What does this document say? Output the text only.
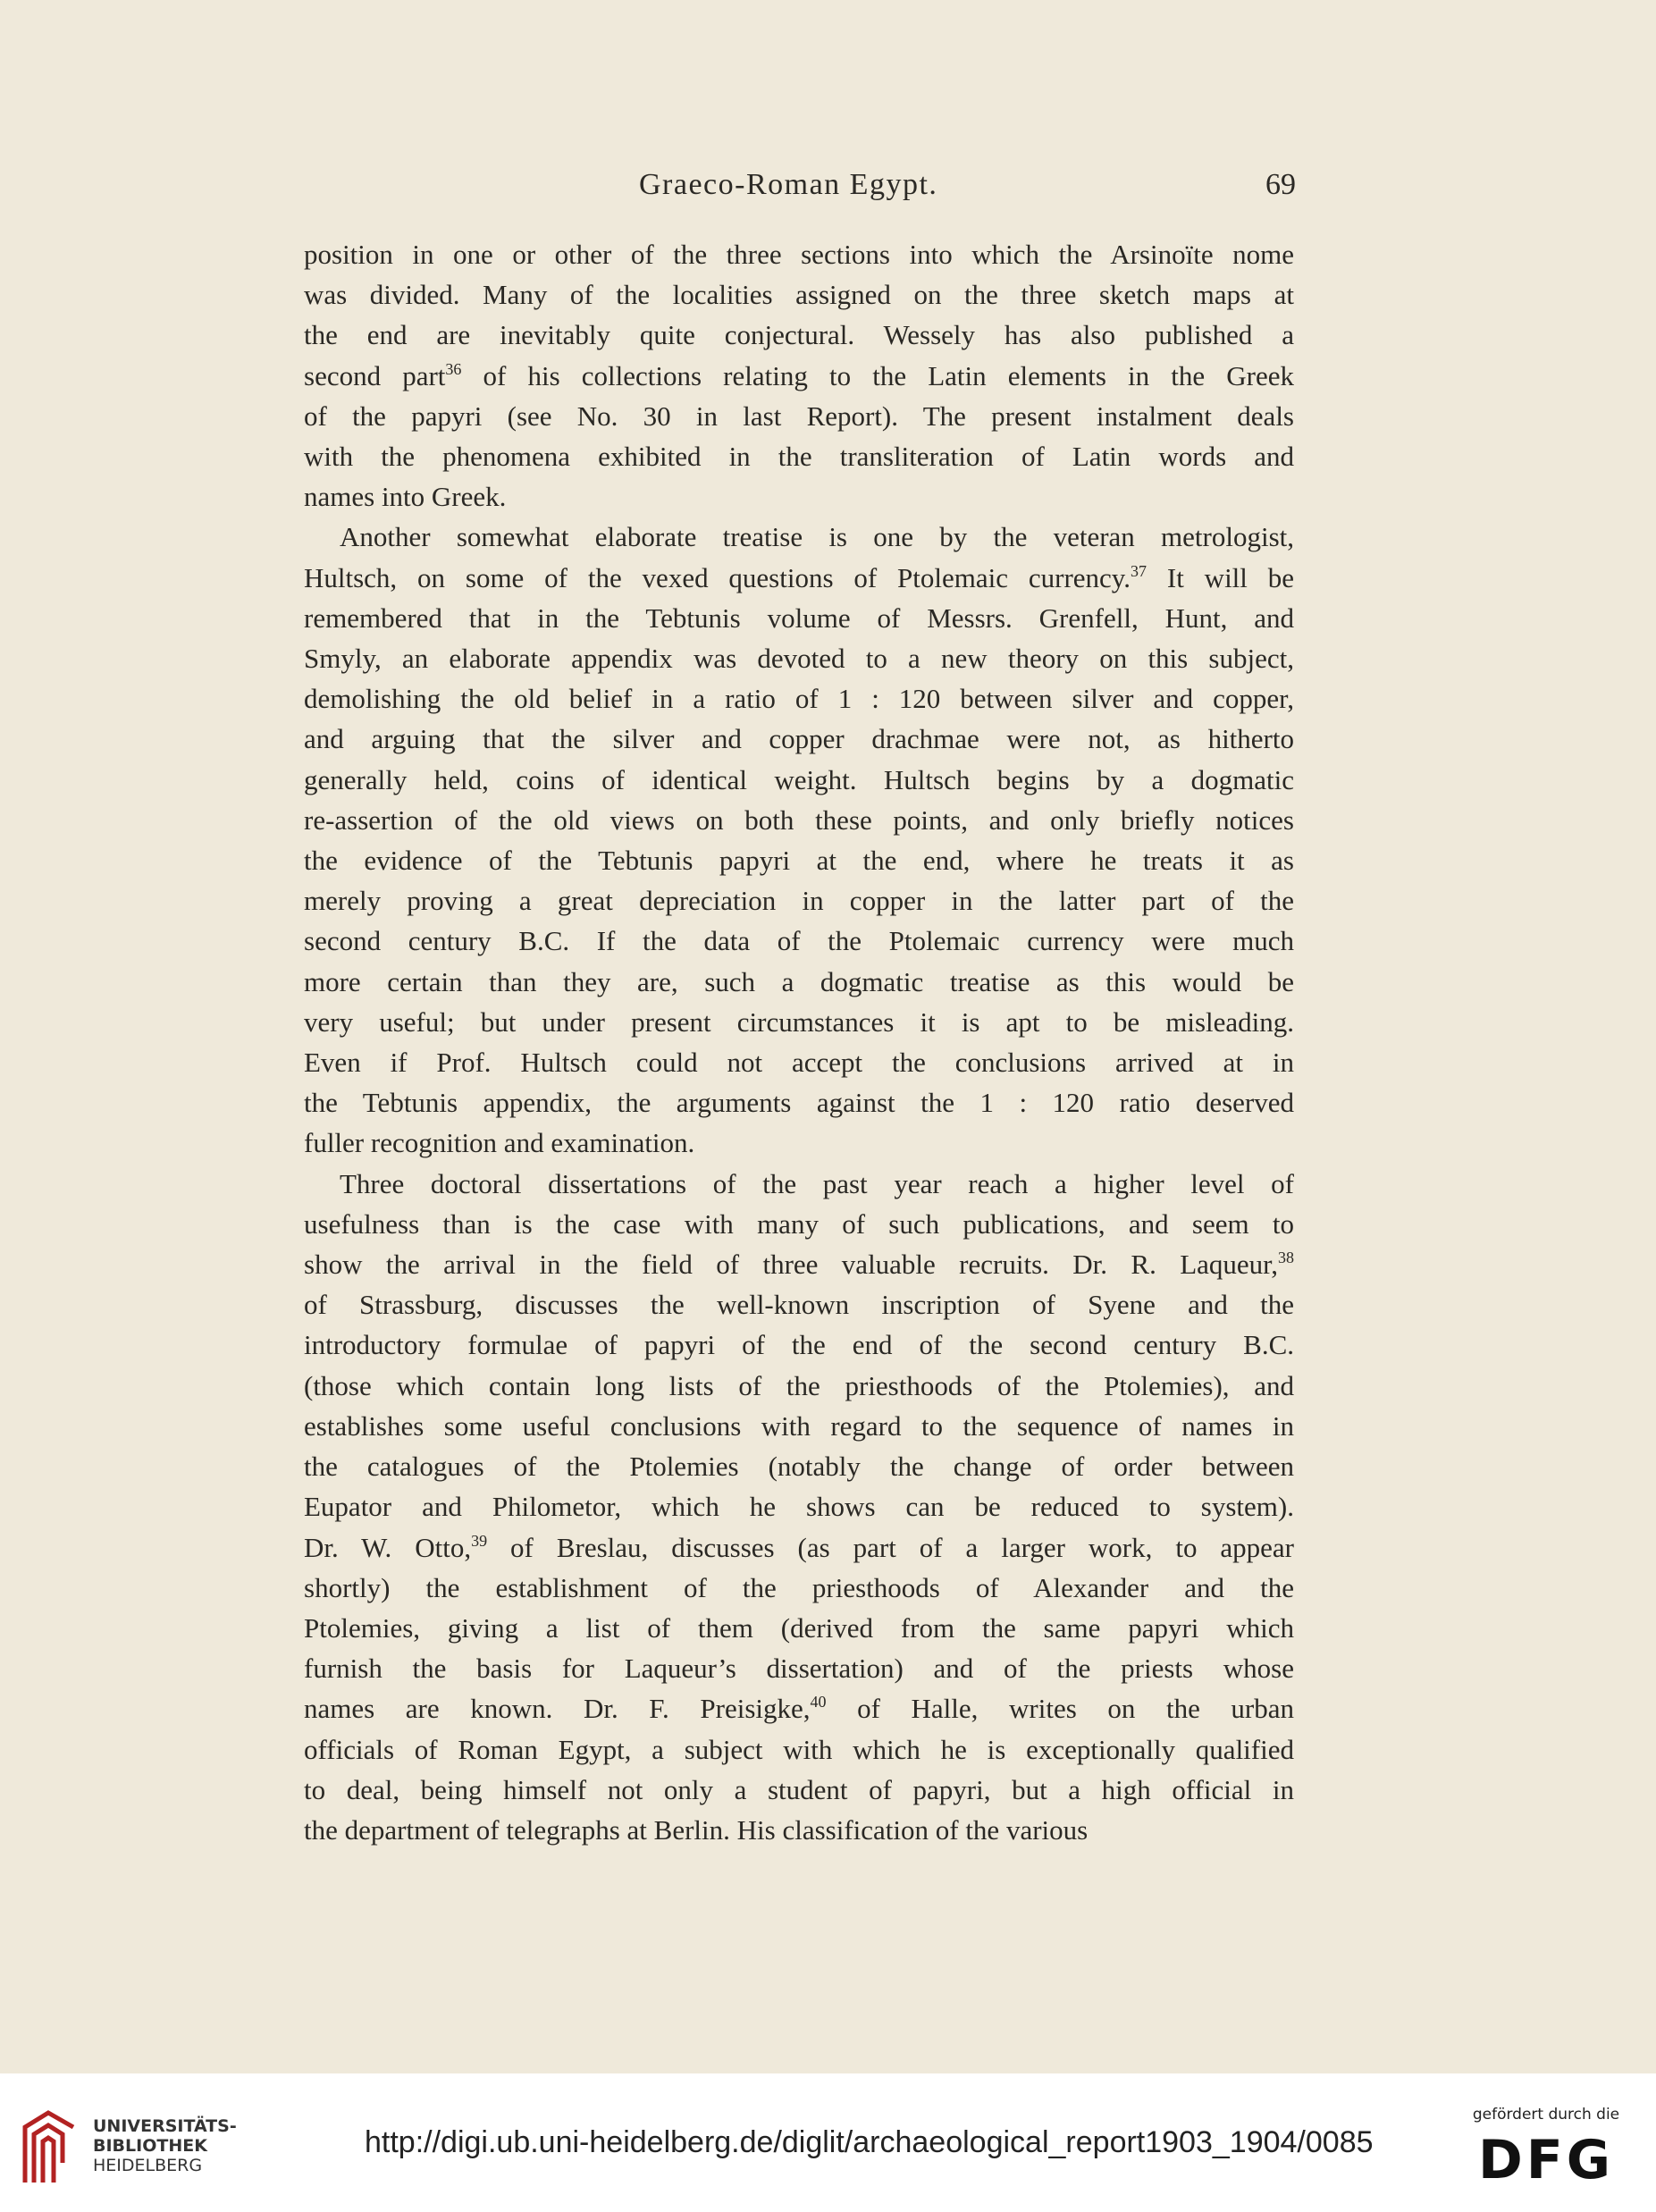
Graeco-Roman Egypt.	69
position in one or other of the three sections into which the Arsinoïte nome
was divided. Many of the localities assigned on the three sketch maps at
the end are inevitably quite conjectural. Wessely has also published a
second part$^{36}$ of his collections relating to the Latin elements in the Greek
of the papyri (see No. 30 in last Report). The present instalment deals
with the phenomena exhibited in the transliteration of Latin words and
names into Greek.
Another somewhat elaborate treatise is one by the veteran metrologist,
Hultsch, on some of the vexed questions of Ptolemaic currency.$^{37}$ It will be
remembered that in the Tebtunis volume of Messrs. Grenfell, Hunt, and
Smyly, an elaborate appendix was devoted to a new theory on this subject,
demolishing the old belief in a ratio of 1 : 120 between silver and copper,
and arguing that the silver and copper drachmae were not, as hitherto
generally held, coins of identical weight. Hultsch begins by a dogmatic
re-assertion of the old views on both these points, and only briefly notices
the evidence of the Tebtunis papyri at the end, where he treats it as
merely proving a great depreciation in copper in the latter part of the
second century B.C. If the data of the Ptolemaic currency were much
more certain than they are, such a dogmatic treatise as this would be
very useful; but under present circumstances it is apt to be misleading.
Even if Prof. Hultsch could not accept the conclusions arrived at in
the Tebtunis appendix, the arguments against the 1 : 120 ratio deserved
fuller recognition and examination.
Three doctoral dissertations of the past year reach a higher level of
usefulness than is the case with many of such publications, and seem to
show the arrival in the field of three valuable recruits. Dr. R. Laqueur,$^{38}$
of Strassburg, discusses the well-known inscription of Syene and the
introductory formulae of papyri of the end of the second century B.C.
(those which contain long lists of the priesthoods of the Ptolemies), and
establishes some useful conclusions with regard to the sequence of names in
the catalogues of the Ptolemies (notably the change of order between
Eupator and Philometor, which he shows can be reduced to system).
Dr. W. Otto,$^{39}$ of Breslau, discusses (as part of a larger work, to appear
shortly) the establishment of the priesthoods of Alexander and the
Ptolemies, giving a list of them (derived from the same papyri which
furnish the basis for Laqueur’s dissertation) and of the priests whose
names are known. Dr. F. Preisigke,$^{40}$ of Halle, writes on the urban
officials of Roman Egypt, a subject with which he is exceptionally qualified
to deal, being himself not only a student of papyri, but a high official in
the department of telegraphs at Berlin. His classification of the various
UNIVERSITÄTS-
BIBLIOTHEK
HEIDELBERG
http://digi.ub.uni-heidelberg.de/diglit/archaeological_report1903_1904/0085
gefördert durch die
DFG
